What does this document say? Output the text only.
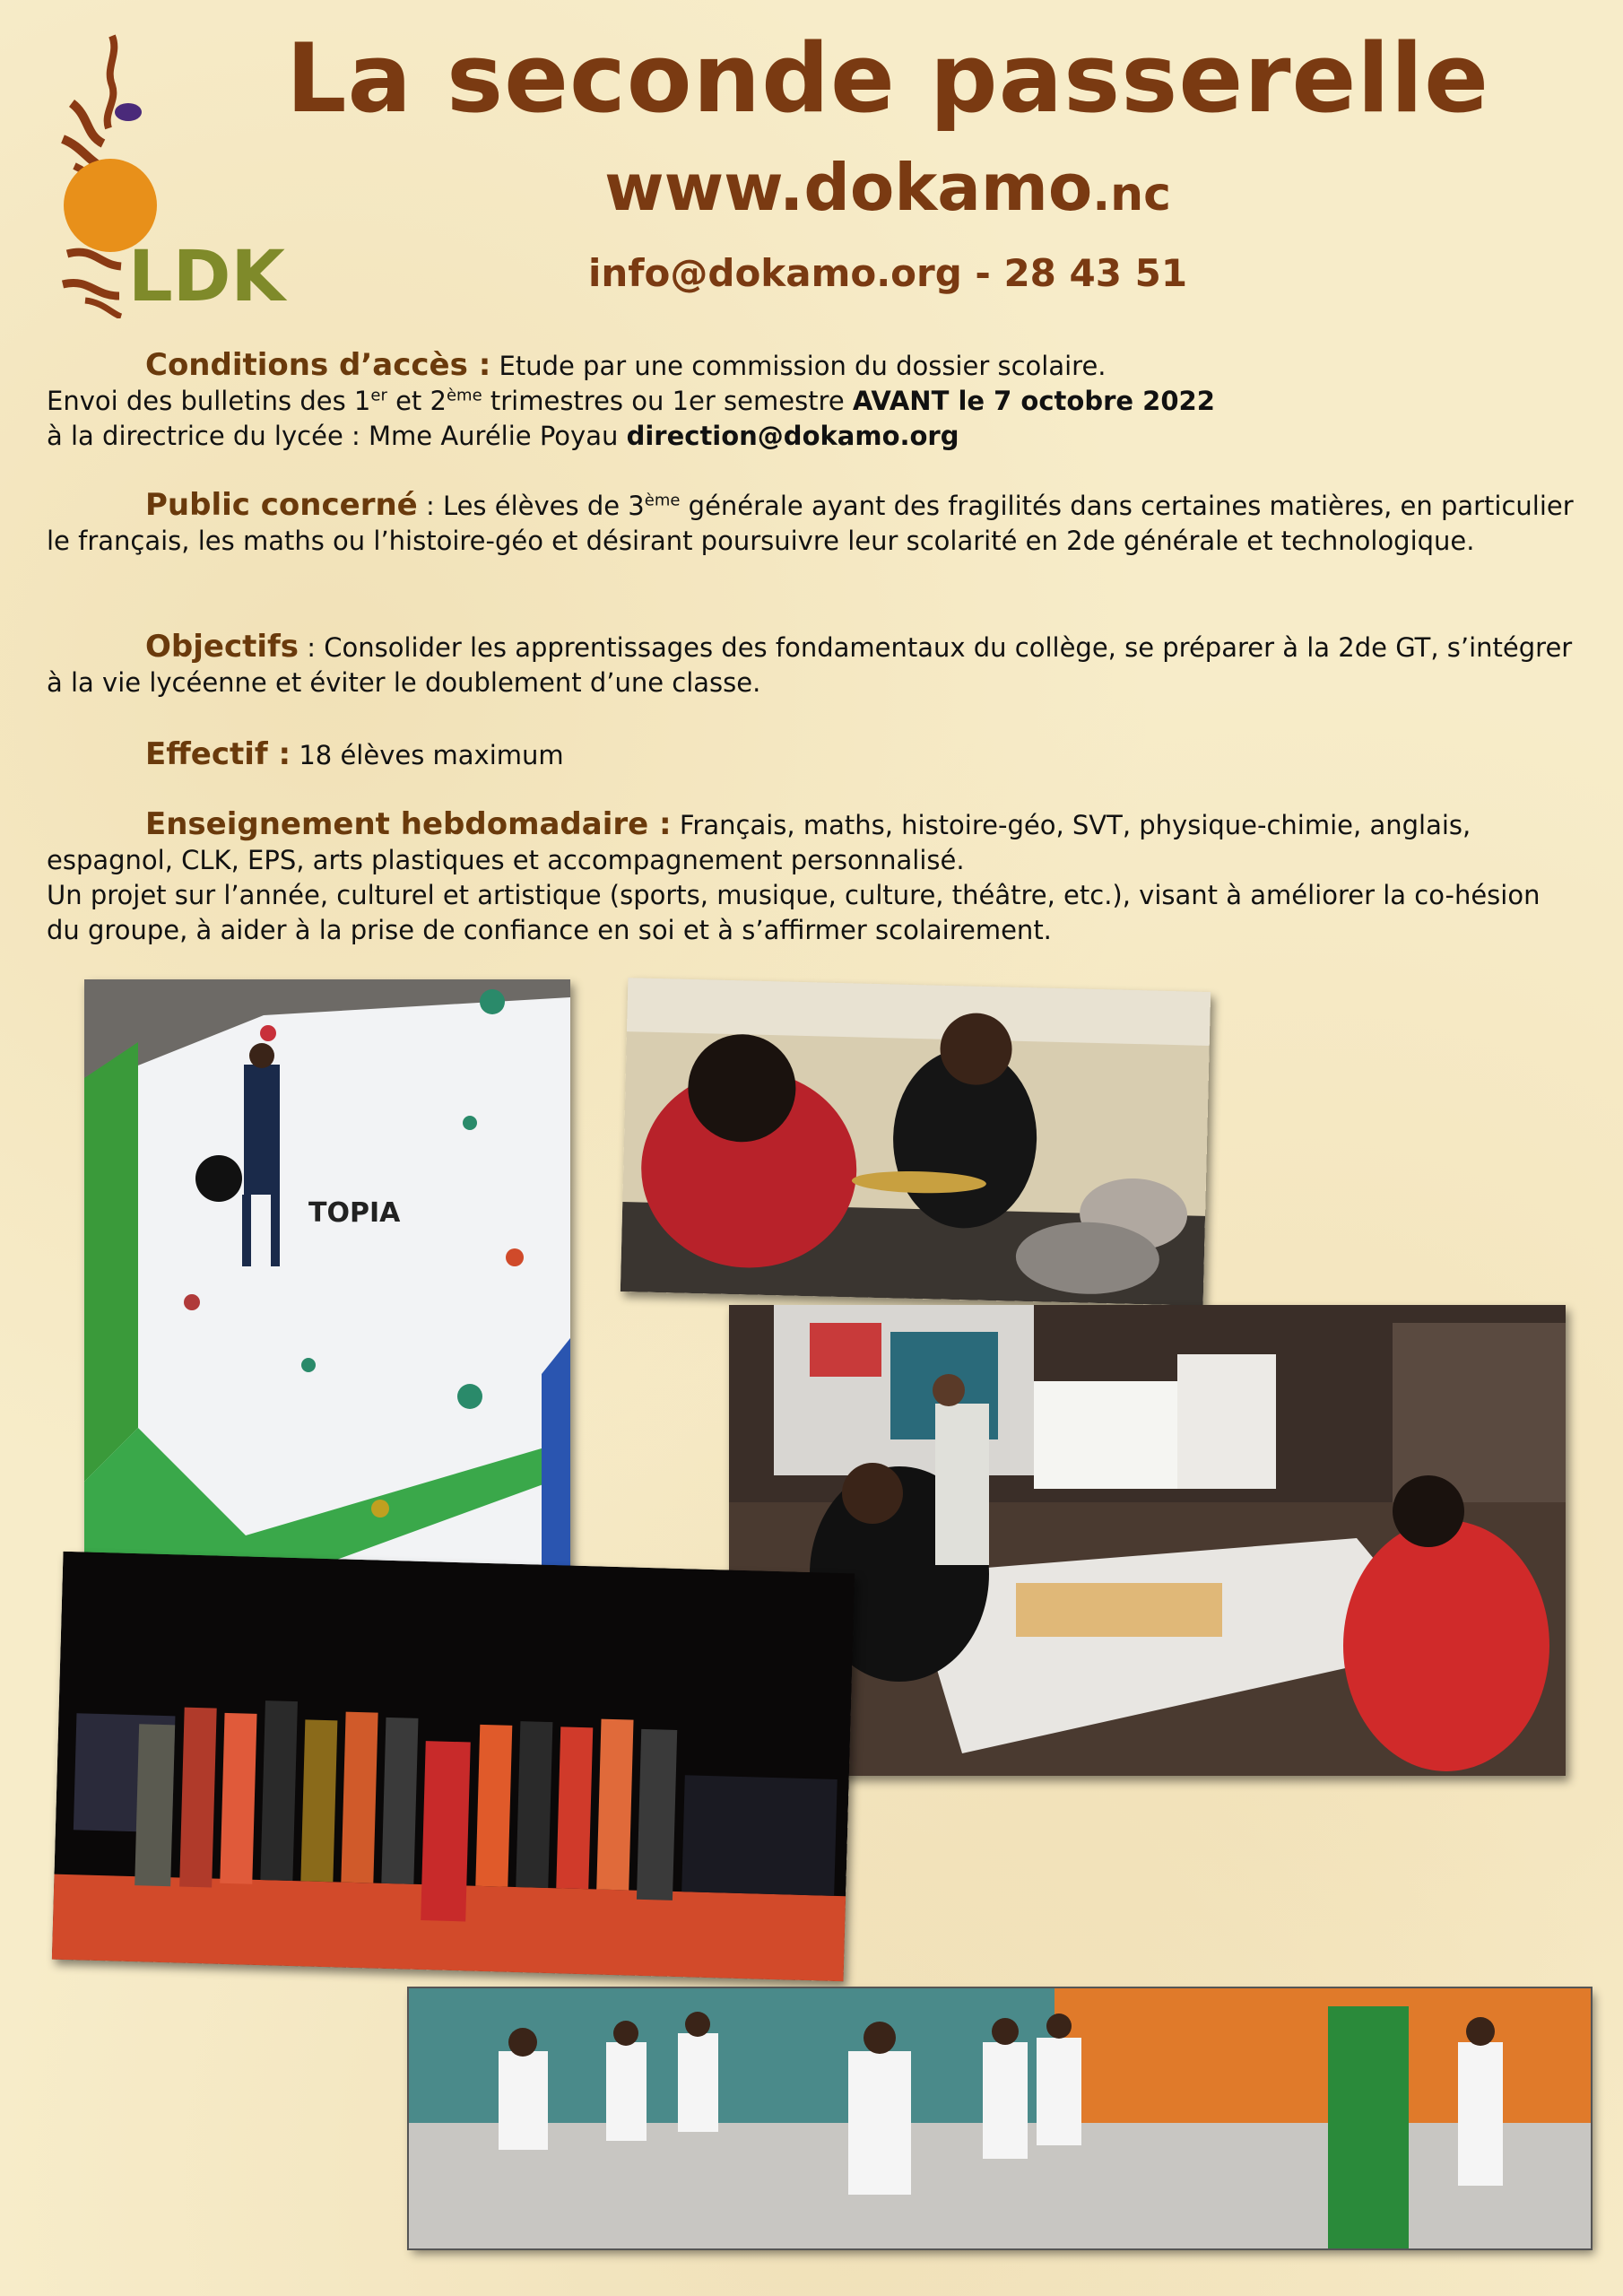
LDK
La seconde passerelle
www.dokamo.nc
info@dokamo.org - 28 43 51

Conditions d’accès : Etude par une commission du dossier scolaire.

Envoi des bulletins des 1er et 2ème trimestres ou 1er semestre AVANT le 7 octobre 2022

à la directrice du lycée : Mme Aurélie Poyau direction@dokamo.org

Public concerné : Les élèves de 3ème générale ayant des fragilités dans certaines matières, en particulier le français, les maths ou l’histoire-géo et désirant poursuivre leur scolarité en 2de générale et technologique.

Objectifs : Consolider les apprentissages des fondamentaux du collège, se préparer à la 2de GT, s’intégrer à la vie lycéenne et éviter le doublement d’une classe.

Effectif : 18 élèves maximum

Enseignement hebdomadaire : Français, maths, histoire-géo, SVT, physique-chimie, anglais, espagnol, CLK, EPS, arts plastiques et accompagnement personnalisé.

Un projet sur l’année, culturel et artistique (sports, musique, culture, théâtre, etc.), visant à améliorer la co-hésion du groupe, à aider à la prise de confiance en soi et à s’affirmer scolairement.

TOPIA
